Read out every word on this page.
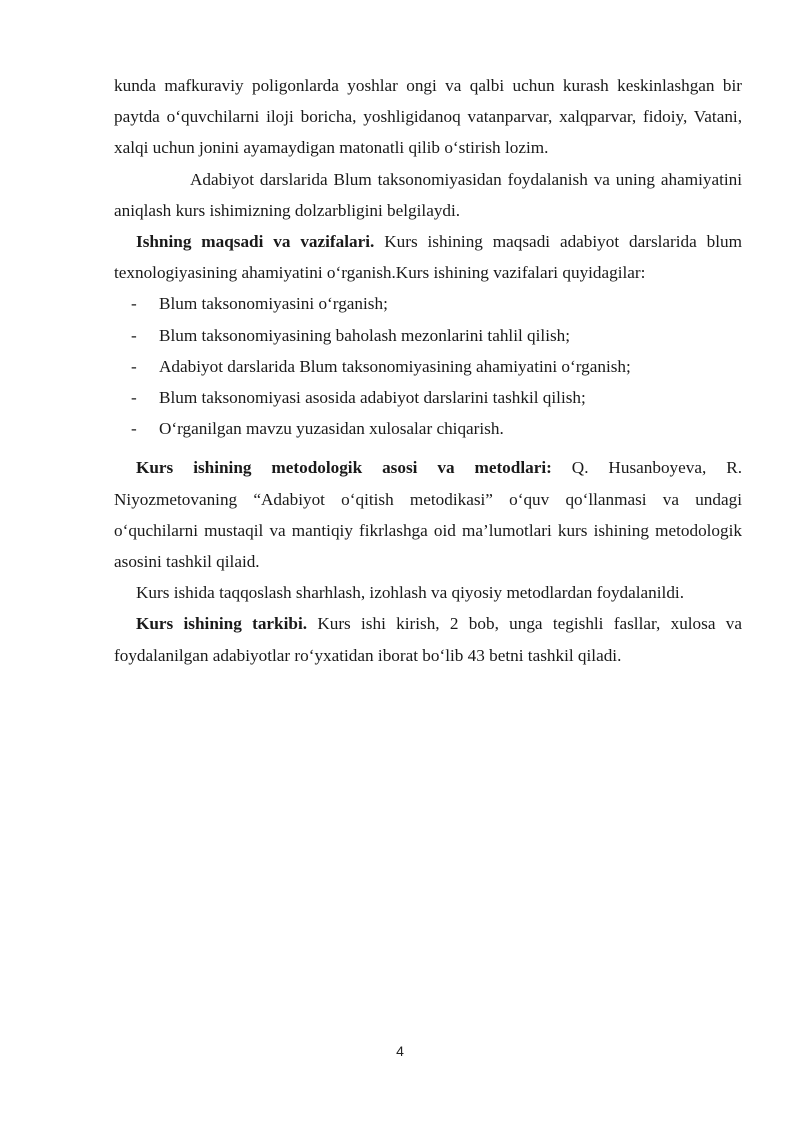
kunda mafkuraviy poligonlarda yoshlar ongi va qalbi uchun kurash keskinlashgan bir paytda o‘quvchilarni iloji boricha, yoshligidanoq vatanparvar, xalqparvar, fidoiy, Vatani, xalqi uchun jonini ayamaydigan matonatli qilib o‘stirish lozim.

Adabiyot darslarida Blum taksonomiyasidan foydalanish va uning ahamiyatini aniqlash kurs ishimizning dolzarbligini belgilaydi.

Ishning maqsadi va vazifalari. Kurs ishining maqsadi adabiyot darslarida blum texnologiyasining ahamiyatini o‘rganish.Kurs ishining vazifalari quyidagilar:

- Blum taksonomiyasini o‘rganish;
- Blum taksonomiyasining baholash mezonlarini tahlil qilish;
- Adabiyot darslarida Blum taksonomiyasining ahamiyatini o‘rganish;
- Blum taksonomiyasi asosida adabiyot darslarini tashkil qilish;
- O‘rganilgan mavzu yuzasidan xulosalar chiqarish.

Kurs ishining metodologik asosi va metodlari: Q. Husanboyeva, R. Niyozmetovaning “Adabiyot o‘qitish metodikasi” o‘quv qo‘llanmasi va undagi o‘quchilarni mustaqil va mantiqiy fikrlashga oid ma’lumotlari kurs ishining metodologik asosini tashkil qilaid.

Kurs ishida taqqoslash sharhlash, izohlash va qiyosiy metodlardan foydalanildi.

Kurs ishining tarkibi. Kurs ishi kirish, 2 bob, unga tegishli fasllar, xulosa va foydalanilgan adabiyotlar ro‘yxatidan iborat bo‘lib 43 betni tashkil qiladi.

4
